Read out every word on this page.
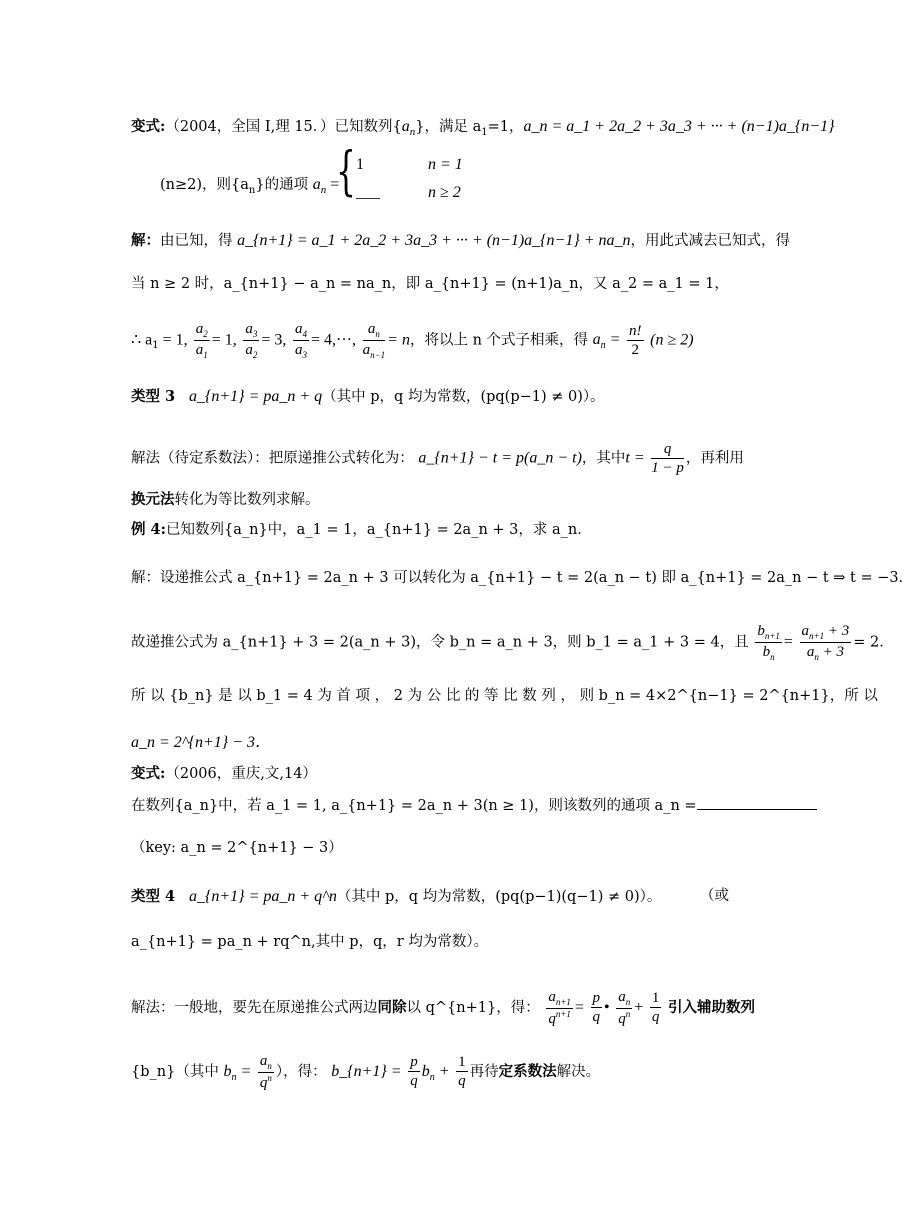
变式:（2004，全国 I,理 15．）已知数列$\{a_n\}$，满足 $a_1=1$，a_n = a_1 + 2a_2 + 3a_3 + ··· + (n−1)a_{n−1}
(n≥2)，则$\{a_n\}$的通项 $a_n$ =
{ 1	n = 1
___	n ≥ 2
解：由已知，得 a_{n+1} = a_1 + 2a_2 + 3a_3 + ··· + (n−1)a_{n−1} + na_n，用此式减去已知式，得
当 n ≥ 2 时，a_{n+1} − a_n = na_n，即 a_{n+1} = (n+1)a_n，又 a_2 = a_1 = 1，
∴ $a_1 = 1$, $\frac{a_2}{a_1} = 1$, $\frac{a_3}{a_2} = 3$, $\frac{a_4}{a_3} = 4,\cdot\cdot\cdot$, $\frac{a_n}{a_{n-1}} = n$，将以上 n 个式子相乘，得 $a_n = \frac{n!}{2} (n \ge 2)$
类型 3 a_{n+1} = pa_n + q（其中 p，q 均为常数，(pq(p−1) ≠ 0)）。
解法（待定系数法）：把原递推公式转化为： a_{n+1} − t = p(a_n − t)，其中$t = \frac{q}{1 - p}$ ，再利用
换元法转化为等比数列求解。
例 4:已知数列{a_n}中，a_1 = 1，a_{n+1} = 2a_n + 3，求 a_n．
解：设递推公式 a_{n+1} = 2a_n + 3 可以转化为 a_{n+1} − t = 2(a_n − t) 即 a_{n+1} = 2a_n − t ⇒ t = −3．
故递推公式为 a_{n+1} + 3 = 2(a_n + 3)，令 b_n = a_n + 3，则 b_1 = a_1 + 3 = 4，且 $\frac{b_{n+1}}{b_n} = \frac{a_{n+1} + 3}{a_n + 3} = 2$．
所 以 {b_n} 是 以 b_1 = 4 为 首 项 ， 2 为 公 比 的 等 比 数 列 ， 则 b_n = 4×2^{n−1} = 2^{n+1}，所 以
a_n = 2^{n+1} − 3．
变式:（2006，重庆,文,14）
在数列{a_n}中，若 a_1 = 1, a_{n+1} = 2a_n + 3(n ≥ 1)，则该数列的通项 a_n =
（key: a_n = 2^{n+1} − 3）
类型 4 a_{n+1} = pa_n + q^n（其中 p，q 均为常数，(pq(p−1)(q−1) ≠ 0)）。	（或
a_{n+1} = pa_n + rq^n,其中 p，q，r 均为常数）。
解法：一般地，要先在原递推公式两边同除以 q^{n+1}，得： $\frac{a_{n+1}}{q^{n+1}} = \frac{p}{q}$ • $\frac{a_n}{q^n} + \frac{1}{q}$ 引入辅助数列
{b_n}（其中 $b_n = \frac{a_n}{q^n}$ ），得： b_{n+1} = $\frac{p}{q} b_n + \frac{1}{q}$ 再待定系数法解决。
